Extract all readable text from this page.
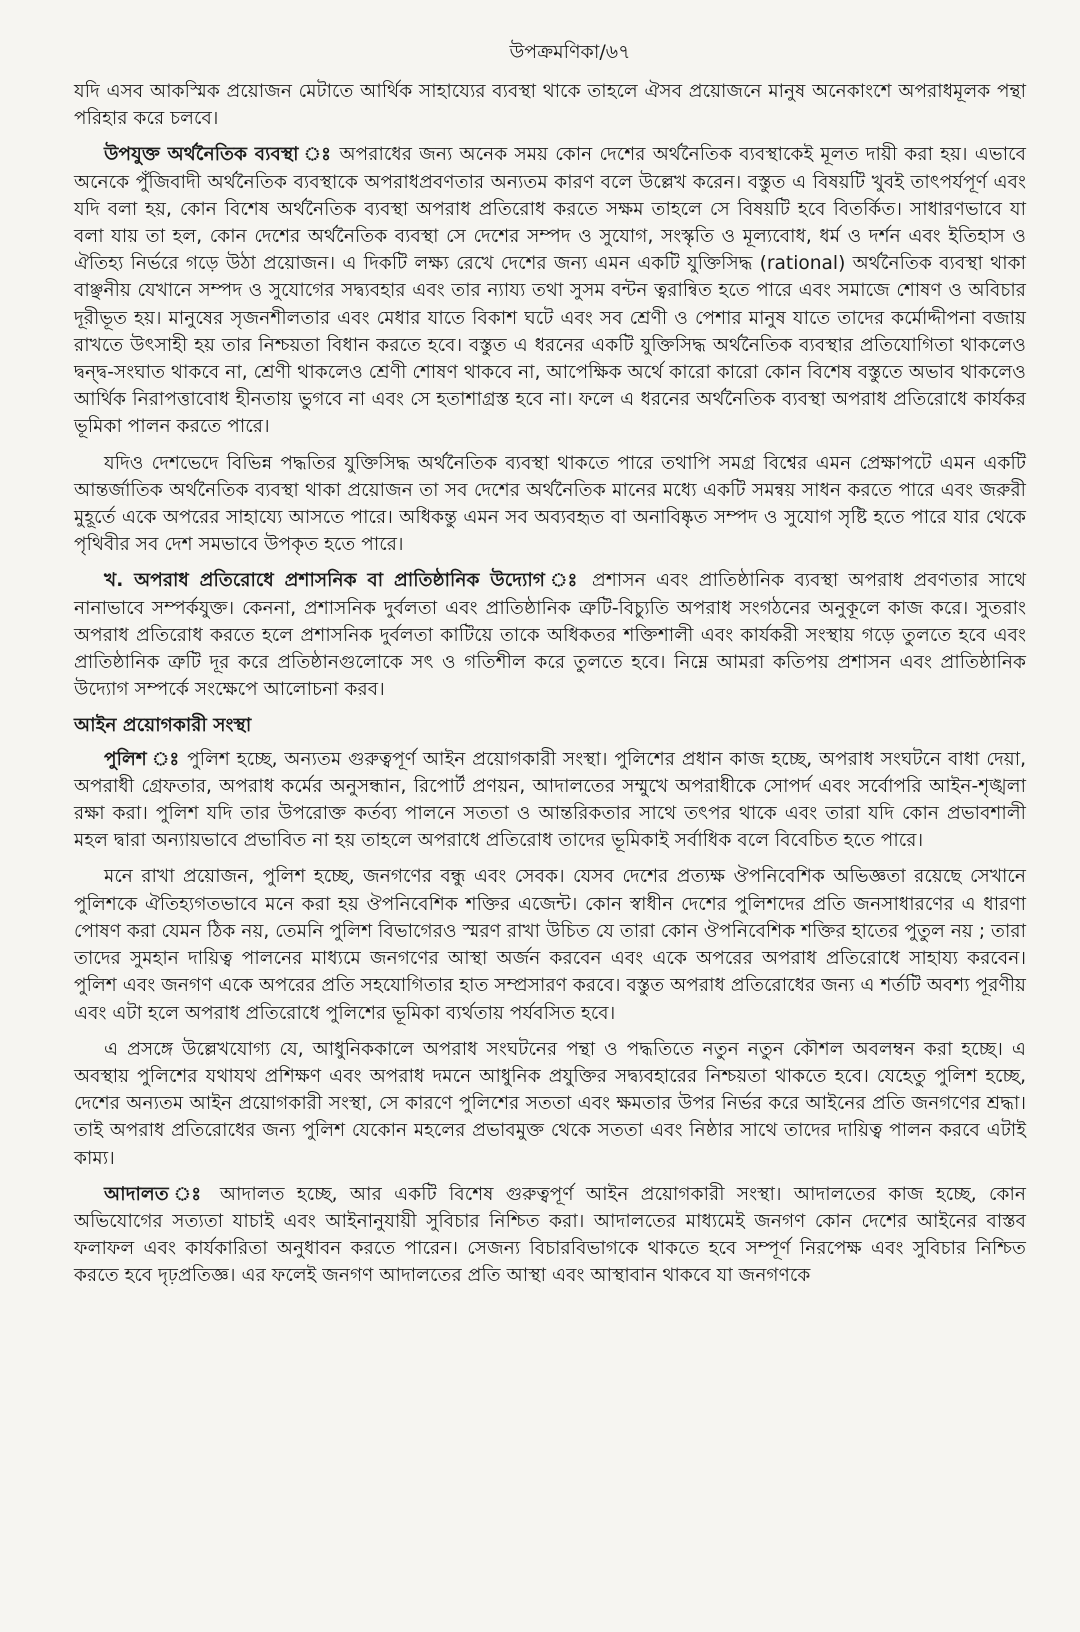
উপক্রমণিকা/৬৭

যদি এসব আকস্মিক প্রয়োজন মেটাতে আর্থিক সাহায্যের ব্যবস্থা থাকে তাহলে ঐসব প্রয়োজনে মানুষ অনেকাংশে অপরাধমূলক পন্থা পরিহার করে চলবে।

উপযুক্ত অর্থনৈতিক ব্যবস্থা ঃ অপরাধের জন্য অনেক সময় কোন দেশের অর্থনৈতিক ব্যবস্থাকেই মূলত দায়ী করা হয়। এভাবে অনেকে পুঁজিবাদী অর্থনৈতিক ব্যবস্থাকে অপরাধপ্রবণতার অন্যতম কারণ বলে উল্লেখ করেন। বস্তুত এ বিষয়টি খুবই তাৎপর্যপূর্ণ এবং যদি বলা হয়, কোন বিশেষ অর্থনৈতিক ব্যবস্থা অপরাধ প্রতিরোধ করতে সক্ষম তাহলে সে বিষয়টি হবে বিতর্কিত। সাধারণভাবে যা বলা যায় তা হল, কোন দেশের অর্থনৈতিক ব্যবস্থা সে দেশের সম্পদ ও সুযোগ, সংস্কৃতি ও মূল্যবোধ, ধর্ম ও দর্শন এবং ইতিহাস ও ঐতিহ্য নির্ভরে গড়ে উঠা প্রয়োজন। এ দিকটি লক্ষ্য রেখে দেশের জন্য এমন একটি যুক্তিসিদ্ধ (rational) অর্থনৈতিক ব্যবস্থা থাকা বাঞ্ছনীয় যেখানে সম্পদ ও সুযোগের সদ্ব্যবহার এবং তার ন্যায্য তথা সুসম বন্টন ত্বরান্বিত হতে পারে এবং সমাজে শোষণ ও অবিচার দূরীভূত হয়। মানুষের সৃজনশীলতার এবং মেধার যাতে বিকাশ ঘটে এবং সব শ্রেণী ও পেশার মানুষ যাতে তাদের কর্মোদ্দীপনা বজায় রাখতে উৎসাহী হয় তার নিশ্চয়তা বিধান করতে হবে। বস্তুত এ ধরনের একটি যুক্তিসিদ্ধ অর্থনৈতিক ব্যবস্থার প্রতিযোগিতা থাকলেও দ্বন্দ্ব-সংঘাত থাকবে না, শ্রেণী থাকলেও শ্রেণী শোষণ থাকবে না, আপেক্ষিক অর্থে কারো কারো কোন বিশেষ বস্তুতে অভাব থাকলেও আর্থিক নিরাপত্তাবোধ হীনতায় ভুগবে না এবং সে হতাশাগ্রস্ত হবে না। ফলে এ ধরনের অর্থনৈতিক ব্যবস্থা অপরাধ প্রতিরোধে কার্যকর ভূমিকা পালন করতে পারে।

যদিও দেশভেদে বিভিন্ন পদ্ধতির যুক্তিসিদ্ধ অর্থনৈতিক ব্যবস্থা থাকতে পারে তথাপি সমগ্র বিশ্বের এমন প্রেক্ষাপটে এমন একটি আন্তর্জাতিক অর্থনৈতিক ব্যবস্থা থাকা প্রয়োজন তা সব দেশের অর্থনৈতিক মানের মধ্যে একটি সমন্বয় সাধন করতে পারে এবং জরুরী মুহূর্তে একে অপরের সাহায্যে আসতে পারে। অধিকন্তু এমন সব অব্যবহৃত বা অনাবিষ্কৃত সম্পদ ও সুযোগ সৃষ্টি হতে পারে যার থেকে পৃথিবীর সব দেশ সমভাবে উপকৃত হতে পারে।

খ. অপরাধ প্রতিরোধে প্রশাসনিক বা প্রাতিষ্ঠানিক উদ্যোগ ঃ প্রশাসন এবং প্রাতিষ্ঠানিক ব্যবস্থা অপরাধ প্রবণতার সাথে নানাভাবে সম্পর্কযুক্ত। কেননা, প্রশাসনিক দুর্বলতা এবং প্রাতিষ্ঠানিক ত্রুটি-বিচ্যুতি অপরাধ সংগঠনের অনুকূলে কাজ করে। সুতরাং অপরাধ প্রতিরোধ করতে হলে প্রশাসনিক দুর্বলতা কাটিয়ে তাকে অধিকতর শক্তিশালী এবং কার্যকরী সংস্থায় গড়ে তুলতে হবে এবং প্রাতিষ্ঠানিক ত্রুটি দূর করে প্রতিষ্ঠানগুলোকে সৎ ও গতিশীল করে তুলতে হবে। নিম্নে আমরা কতিপয় প্রশাসন এবং প্রাতিষ্ঠানিক উদ্যোগ সম্পর্কে সংক্ষেপে আলোচনা করব।

আইন প্রয়োগকারী সংস্থা

পুলিশ ঃ পুলিশ হচ্ছে, অন্যতম গুরুত্বপূর্ণ আইন প্রয়োগকারী সংস্থা। পুলিশের প্রধান কাজ হচ্ছে, অপরাধ সংঘটনে বাধা দেয়া, অপরাধী গ্রেফতার, অপরাধ কর্মের অনুসন্ধান, রিপোর্ট প্রণয়ন, আদালতের সম্মুখে অপরাধীকে সোপর্দ এবং সর্বোপরি আইন-শৃঙ্খলা রক্ষা করা। পুলিশ যদি তার উপরোক্ত কর্তব্য পালনে সততা ও আন্তরিকতার সাথে তৎপর থাকে এবং তারা যদি কোন প্রভাবশালী মহল দ্বারা অন্যায়ভাবে প্রভাবিত না হয় তাহলে অপরাধে প্রতিরোধ তাদের ভূমিকাই সর্বাধিক বলে বিবেচিত হতে পারে।

মনে রাখা প্রয়োজন, পুলিশ হচ্ছে, জনগণের বন্ধু এবং সেবক। যেসব দেশের প্রত্যক্ষ ঔপনিবেশিক অভিজ্ঞতা রয়েছে সেখানে পুলিশকে ঐতিহ্যগতভাবে মনে করা হয় ঔপনিবেশিক শক্তির এজেন্ট। কোন স্বাধীন দেশের পুলিশদের প্রতি জনসাধারণের এ ধারণা পোষণ করা যেমন ঠিক নয়, তেমনি পুলিশ বিভাগেরও স্মরণ রাখা উচিত যে তারা কোন ঔপনিবেশিক শক্তির হাতের পুতুল নয় ; তারা তাদের সুমহান দায়িত্ব পালনের মাধ্যমে জনগণের আস্থা অর্জন করবেন এবং একে অপরের অপরাধ প্রতিরোধে সাহায্য করবেন। পুলিশ এবং জনগণ একে অপরের প্রতি সহযোগিতার হাত সম্প্রসারণ করবে। বস্তুত অপরাধ প্রতিরোধের জন্য এ শর্তটি অবশ্য পূরণীয় এবং এটা হলে অপরাধ প্রতিরোধে পুলিশের ভূমিকা ব্যর্থতায় পর্যবসিত হবে।

এ প্রসঙ্গে উল্লেখযোগ্য যে, আধুনিককালে অপরাধ সংঘটনের পন্থা ও পদ্ধতিতে নতুন নতুন কৌশল অবলম্বন করা হচ্ছে। এ অবস্থায় পুলিশের যথাযথ প্রশিক্ষণ এবং অপরাধ দমনে আধুনিক প্রযুক্তির সদ্ব্যবহারের নিশ্চয়তা থাকতে হবে। যেহেতু পুলিশ হচ্ছে, দেশের অন্যতম আইন প্রয়োগকারী সংস্থা, সে কারণে পুলিশের সততা এবং ক্ষমতার উপর নির্ভর করে আইনের প্রতি জনগণের শ্রদ্ধা। তাই অপরাধ প্রতিরোধের জন্য পুলিশ যেকোন মহলের প্রভাবমুক্ত থেকে সততা এবং নিষ্ঠার সাথে তাদের দায়িত্ব পালন করবে এটাই কাম্য।

আদালত ঃ আদালত হচ্ছে, আর একটি বিশেষ গুরুত্বপূর্ণ আইন প্রয়োগকারী সংস্থা। আদালতের কাজ হচ্ছে, কোন অভিযোগের সত্যতা যাচাই এবং আইনানুযায়ী সুবিচার নিশ্চিত করা। আদালতের মাধ্যমেই জনগণ কোন দেশের আইনের বাস্তব ফলাফল এবং কার্যকারিতা অনুধাবন করতে পারেন। সেজন্য বিচারবিভাগকে থাকতে হবে সম্পূর্ণ নিরপেক্ষ এবং সুবিচার নিশ্চিত করতে হবে দৃঢ়প্রতিজ্ঞ। এর ফলেই জনগণ আদালতের প্রতি আস্থা এবং আস্থাবান থাকবে যা জনগণকে
